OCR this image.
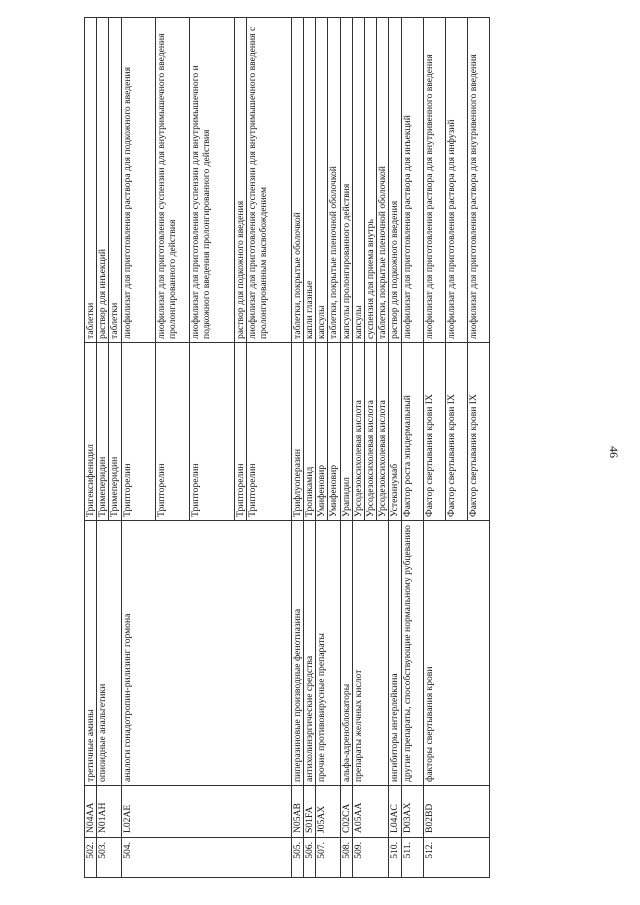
46
502.	N04AA	третичные амины	Тригексифенидил	таблетки
503.	N01AH	опиоидные анальгетики	Тримеперидин	раствор для инъекций
			Тримеперидин	таблетки
504.	L02AE	аналоги гонадотропин-рилизинг гормона	Трипторелин	лиофилизат для приготовления раствора для подкожного введения
			Трипторелин	лиофилизат для приготовления суспензии для внутримышечного введения пролонгированного действия
			Трипторелин	лиофилизат для приготовления суспензии для внутримышечного и подкожного введения пролонгированного действия
			Трипторелин	раствор для подкожного введения
			Трипторелин	лиофилизат для приготовления суспензии для внутримышечного введения с пролонгированным высвобождением
505.	N05AB	пиперазиновые производные фенотиазина	Трифлуоперазин	таблетки, покрытые оболочкой
506.	S01FA	антихолинэргические средства	Тропикамид	капли глазные
507.	J05AX	прочие противовирусные препараты	Умифеновир	капсулы
			Умифеновир	таблетки, покрытые пленочной оболочкой
508.	C02CA	альфа-адреноблокаторы	Урапидил	капсулы пролонгированного действия
509.	A05AA	препараты желчных кислот	Урсодезоксихолевая кислота	капсулы
			Урсодезоксихолевая кислота	суспензия для приема внутрь
			Урсодезоксихолевая кислота	таблетки, покрытые пленочной оболочкой
510.	L04AC	ингибиторы интерлейкина	Устекинумаб	раствор для подкожного введения
511.	D03AX	другие препараты, способствующие нормальному рубцеванию	Фактор роста эпидермальный	лиофилизат для приготовления раствора для инъекций
512.	B02BD	факторы свертывания крови	Фактор свертывания крови IX	лиофилизат для приготовления раствора для внутривенного введения
			Фактор свертывания крови IX	лиофилизат для приготовления раствора для инфузий
			Фактор свертывания крови IX	лиофилизат для приготовления раствора для внутривенного введения
